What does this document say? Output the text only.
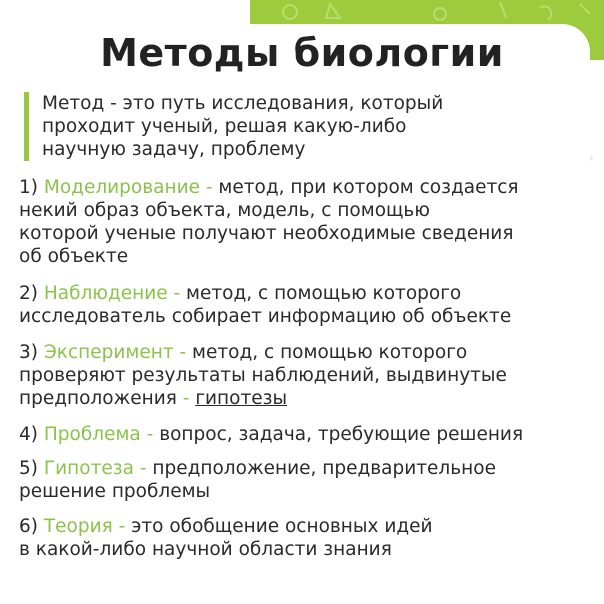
Методы биологии
Метод - это путь исследования, который
проходит ученый, решая какую-либо
научную задачу, проблему
1) Моделирование - метод, при котором создается
некий образ объекта, модель, с помощью
которой ученые получают необходимые сведения
об объекте
2) Наблюдение - метод, с помощью которого
исследователь собирает информацию об объекте
3) Эксперимент - метод, с помощью которого
проверяют результаты наблюдений, выдвинутые
предположения - гипотезы
4) Проблема - вопрос, задача, требующие решения
5) Гипотеза - предположение, предварительное
решение проблемы
6) Теория - это обобщение основных идей
в какой-либо научной области знания
